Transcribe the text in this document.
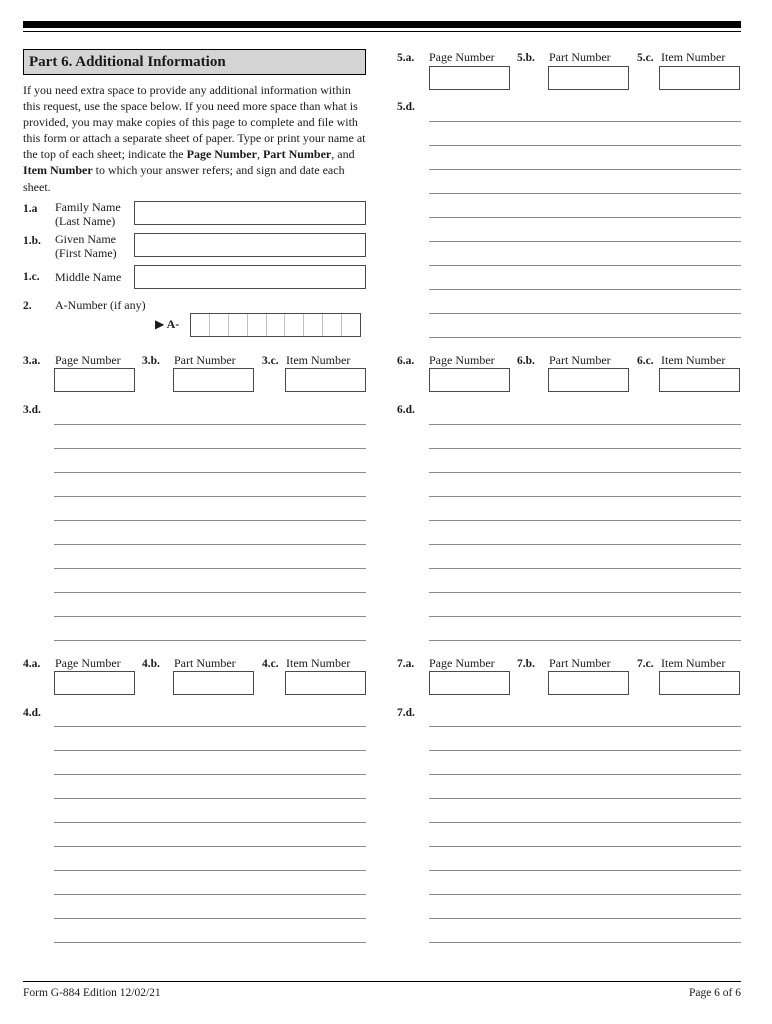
Part 6. Additional Information
If you need extra space to provide any additional information within this request, use the space below. If you need more space than what is provided, you may make copies of this page to complete and file with this form or attach a separate sheet of paper. Type or print your name at the top of each sheet; indicate the Page Number, Part Number, and Item Number to which your answer refers; and sign and date each sheet.
1.a Family Name
(Last Name)
1.b. Given Name
(First Name)
1.c. Middle Name
2. A-Number (if any)
▶ A-
3.a. Page Number 3.b. Part Number 3.c. Item Number
3.d.
4.a. Page Number 4.b. Part Number 4.c. Item Number
4.d.
5.a. Page Number 5.b. Part Number 5.c. Item Number
5.d.
6.a. Page Number 6.b. Part Number 6.c. Item Number
6.d.
7.a. Page Number 7.b. Part Number 7.c. Item Number
7.d.
Form G-884 Edition 12/02/21	Page 6 of 6
